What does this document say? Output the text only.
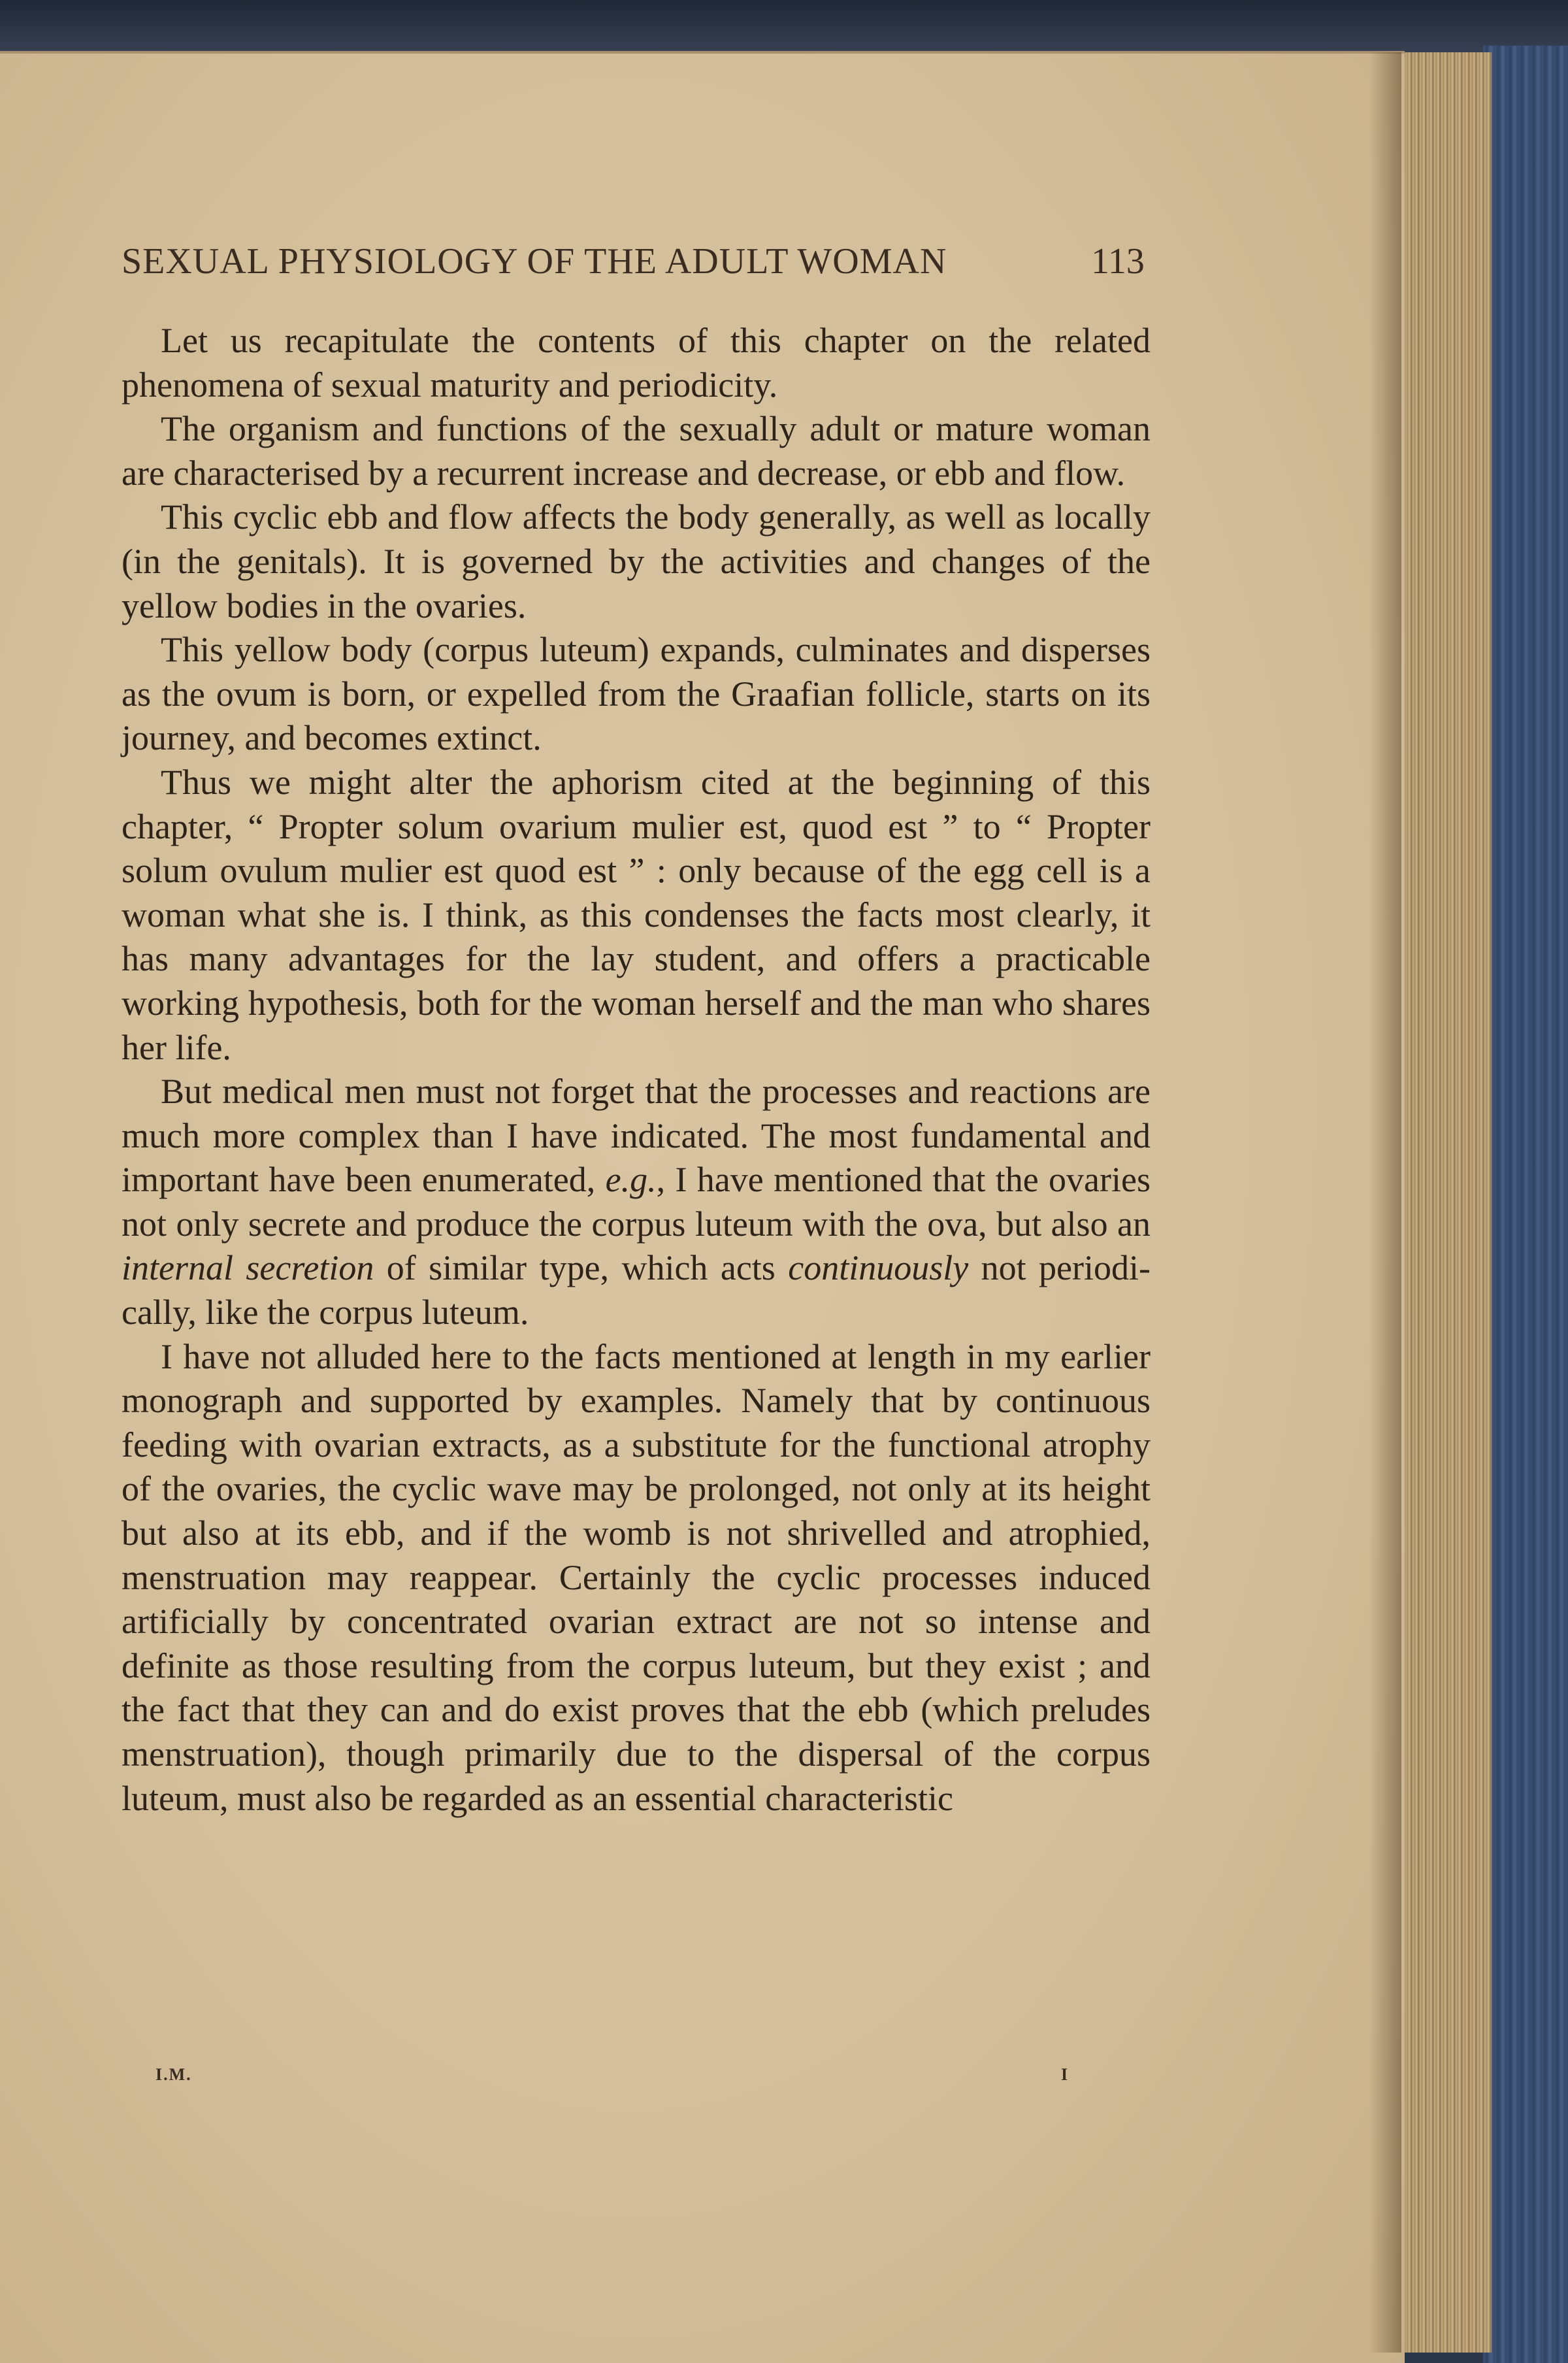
SEXUAL PHYSIOLOGY OF THE ADULT WOMAN	113

Let us recapitulate the contents of this chapter on the related phenomena of sexual maturity and periodicity.

The organism and functions of the sexually adult or mature woman are characterised by a recurrent increase and decrease, or ebb and flow.

This cyclic ebb and flow affects the body generally, as well as locally (in the genitals). It is governed by the activities and changes of the yellow bodies in the ovaries.

This yellow body (corpus luteum) expands, culminates and disperses as the ovum is born, or expelled from the Graafian follicle, starts on its journey, and becomes extinct.

Thus we might alter the aphorism cited at the beginning of this chapter, “ Propter solum ovarium mulier est, quod est ” to “ Propter solum ovulum mulier est quod est ” : only because of the egg cell is a woman what she is. I think, as this condenses the facts most clearly, it has many advantages for the lay student, and offers a practicable working hypothesis, both for the woman herself and the man who shares her life.

But medical men must not forget that the processes and reactions are much more complex than I have indicated. The most fundamental and important have been enumerated, e.g., I have mentioned that the ovaries not only secrete and produce the corpus luteum with the ova, but also an internal secretion of similar type, which acts continuously not periodically, like the corpus luteum.

I have not alluded here to the facts mentioned at length in my earlier monograph and supported by examples. Namely that by continuous feeding with ovarian extracts, as a substitute for the functional atrophy of the ovaries, the cyclic wave may be prolonged, not only at its height but also at its ebb, and if the womb is not shrivelled and atrophied, menstruation may reappear. Certainly the cyclic processes induced artificially by concentrated ovarian extract are not so intense and definite as those resulting from the corpus luteum, but they exist ; and the fact that they can and do exist proves that the ebb (which preludes menstruation), though primarily due to the dispersal of the corpus luteum, must also be regarded as an essential characteristic

I.M.	I
